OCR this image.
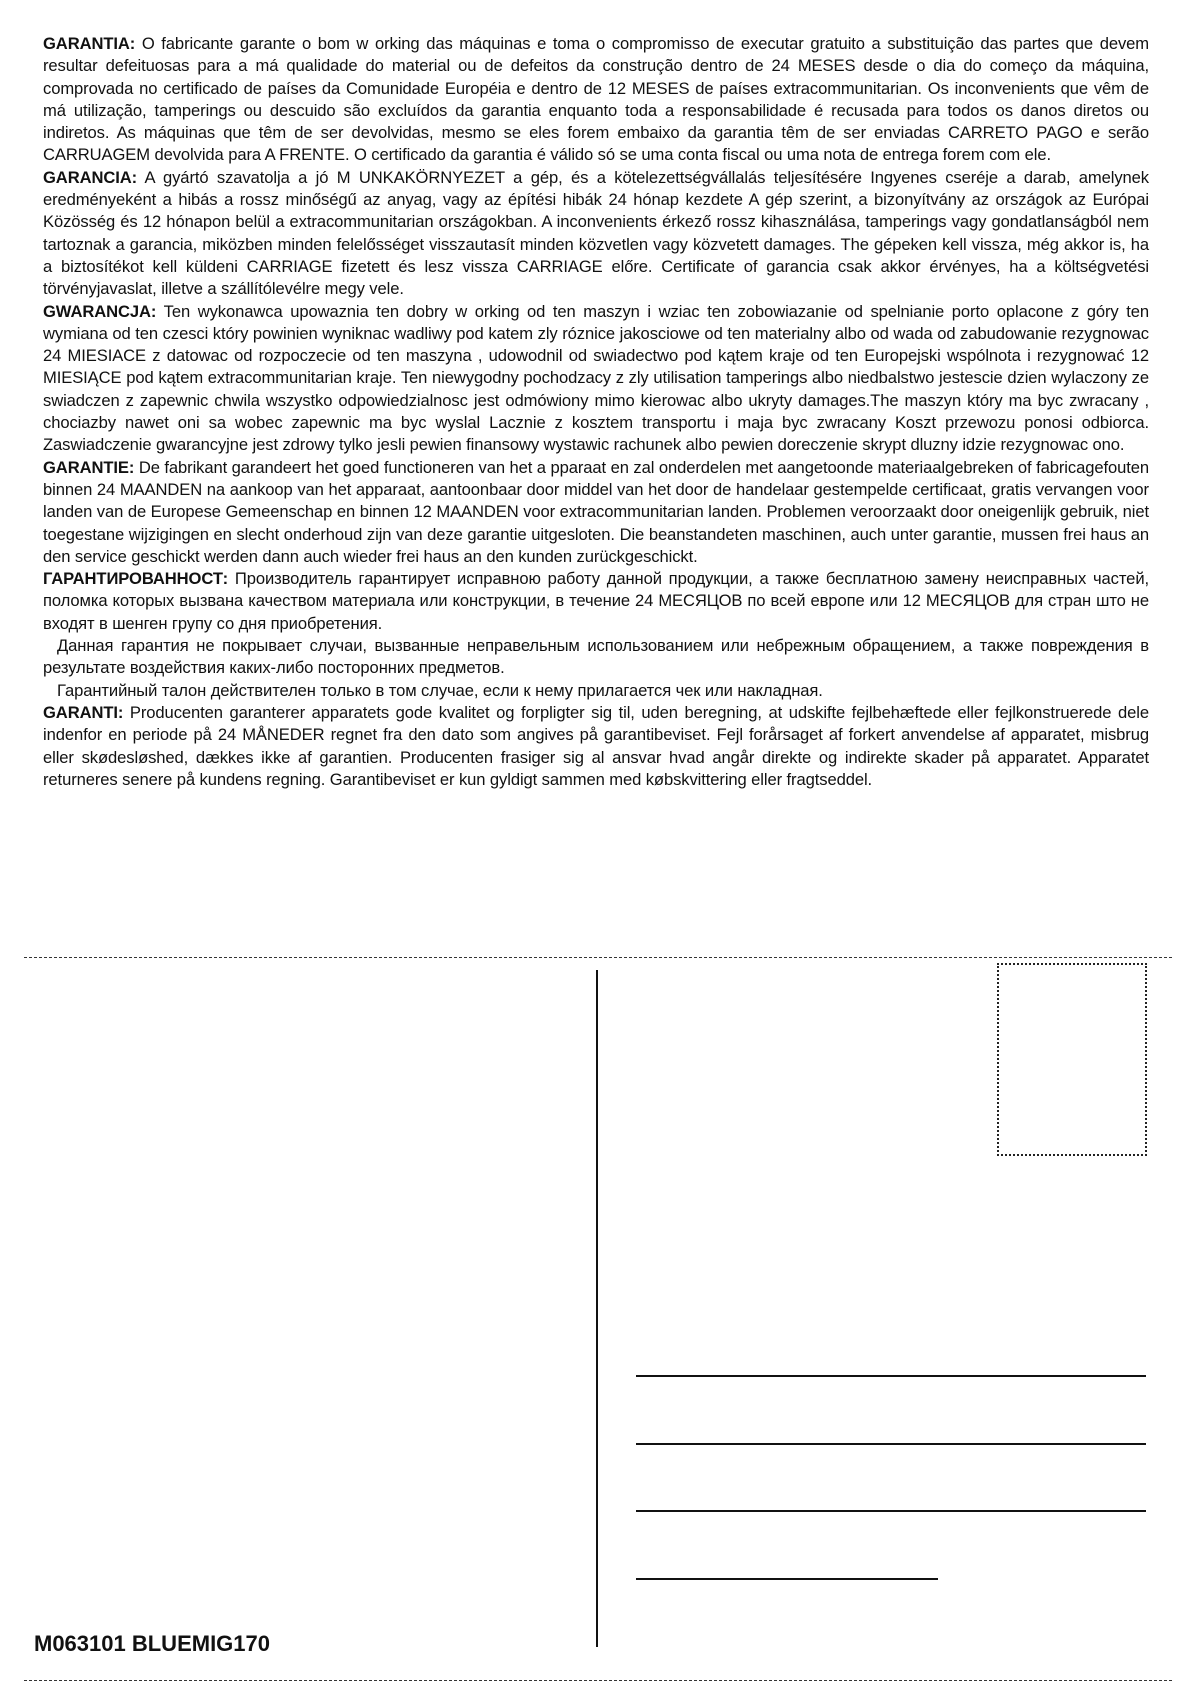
GARANTIA: O fabricante garante o bom w orking das máquinas e toma o compromisso de executar gratuito a substituição das partes que devem resultar defeituosas para a má qualidade do material ou de defeitos da construção dentro de 24 MESES desde o dia do começo da máquina, comprovada no certificado de países da Comunidade Européia e dentro de 12 MESES de países extracommunitarian. Os inconvenients que vêm de má utilização, tamperings ou descuido são excluídos da garantia enquanto toda a responsabilidade é recusada para todos os danos diretos ou indiretos. As máquinas que têm de ser devolvidas, mesmo se eles forem embaixo da garantia têm de ser enviadas CARRETO PAGO e serão CARRUAGEM devolvida para A FRENTE. O certificado da garantia é válido só se uma conta fiscal ou uma nota de entrega forem com ele.

GARANCIA: A gyártó szavatolja a jó M UNKAKÖRNYEZET a gép, és a kötelezettségvállalás teljesítésére Ingyenes cseréje a darab, amelynek eredményeként a hibás a rossz minőségű az anyag, vagy az építési hibák 24 hónap kezdete A gép szerint, a bizonyítvány az országok az Európai Közösség és 12 hónapon belül a extracommunitarian országokban. A inconvenients érkező rossz kihasználása, tamperings vagy gondatlanságból nem tartoznak a garancia, miközben minden felelősséget visszautasít minden közvetlen vagy közvetett damages. The gépeken kell vissza, még akkor is, ha a biztosítékot kell küldeni CARRIAGE fizetett és lesz vissza CARRIAGE előre. Certificate of garancia csak akkor érvényes, ha a költségvetési törvényjavaslat, illetve a szállítólevélre megy vele.

GWARANCJA: Ten wykonawca upowaznia ten dobry w orking od ten maszyn i wziac ten zobowiazanie od spelnianie porto oplacone z góry ten wymiana od ten czesci który powinien wyniknac wadliwy pod katem zly róznice jakosciowe od ten materialny albo od wada od zabudowanie rezygnowac 24 MIESIACE z datowac od rozpoczecie od ten maszyna , udowodnil od swiadectwo pod kątem kraje od ten Europejski wspólnota i rezygnować 12 MIESIĄCE pod kątem extracommunitarian kraje. Ten niewygodny pochodzacy z zly utilisation tamperings albo niedbalstwo jestescie dzien wylaczony ze swiadczen z zapewnic chwila wszystko odpowiedzialnosc jest odmówiony mimo kierowac albo ukryty damages.The maszyn który ma byc zwracany , chociazby nawet oni sa wobec zapewnic ma byc wyslal Lacznie z kosztem transportu i maja byc zwracany Koszt przewozu ponosi odbiorca. Zaswiadczenie gwarancyjne jest zdrowy tylko jesli pewien finansowy wystawic rachunek albo pewien doreczenie skrypt dluzny idzie rezygnowac ono.

GARANTIE: De fabrikant garandeert het goed functioneren van het a pparaat en zal onderdelen met aangetoonde materiaalgebreken of fabricagefouten binnen 24 MAANDEN na aankoop van het apparaat, aantoonbaar door middel van het door de handelaar gestempelde certificaat, gratis vervangen voor landen van de Europese Gemeenschap en binnen 12 MAANDEN voor extracommunitarian landen. Problemen veroorzaakt door oneigenlijk gebruik, niet toegestane wijzigingen en slecht onderhoud zijn van deze garantie uitgesloten. Die beanstandeten maschinen, auch unter garantie, mussen frei haus an den service geschickt werden dann auch wieder frei haus an den kunden zurückgeschickt.

ГАРАНТИРОВАННОСТ: Производитель гарантирует исправною работу данной продукции, а также бесплатною замену неисправных частей, поломка которых вызвана качеством материала или конструкции, в течение 24 МЕСЯЦОВ по всей европе или 12 МЕСЯЦОВ для стран што не входят в шенген групу со дня приобретения.

Данная гарантия не покрывает случаи, вызванные неправельным использованием или небрежным обращением, а также повреждения в результате воздействия каких-либо посторонних предметов.

Гарантийный талон действителен только в том случае, если к нему прилагается чек или накладная.

GARANTI: Producenten garanterer apparatets gode kvalitet og forpligter sig til, uden beregning, at udskifte fejlbehæftede eller fejlkonstruerede dele indenfor en periode på 24 MÅNEDER regnet fra den dato som angives på garantibeviset. Fejl forårsaget af forkert anvendelse af apparatet, misbrug eller skødesløshed, dækkes ikke af garantien. Producenten frasiger sig al ansvar hvad angår direkte og indirekte skader på apparatet. Apparatet returneres senere på kundens regning. Garantibeviset er kun gyldigt sammen med købskvittering eller fragtseddel.

M063101 BLUEMIG170
